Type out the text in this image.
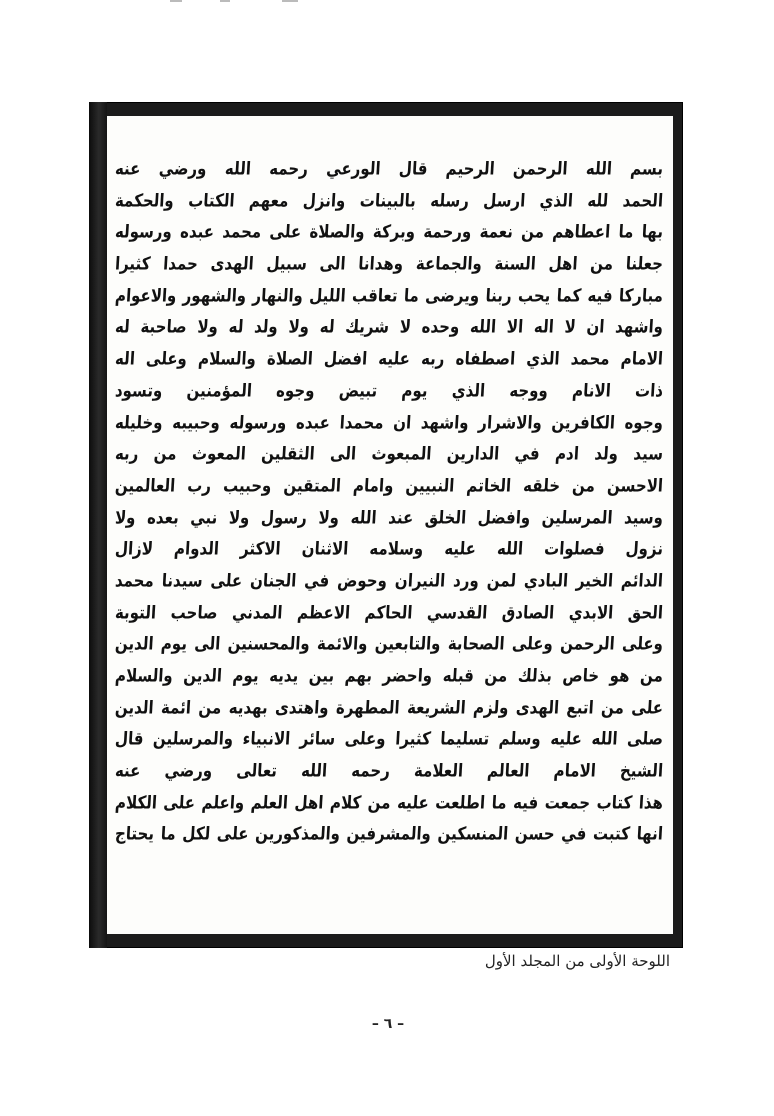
بسم الله الرحمن الرحيم قال الورعي رحمه الله ورضي عنه
الحمد لله الذي ارسل رسله بالبينات وانزل معهم الكتاب والحكمة
بها ما اعطاهم من نعمة ورحمة وبركة والصلاة على محمد عبده ورسوله
جعلنا من اهل السنة والجماعة وهدانا الى سبيل الهدى حمدا كثيرا
مباركا فيه كما يحب ربنا ويرضى ما تعاقب الليل والنهار والشهور والاعوام
واشهد ان لا اله الا الله وحده لا شريك له ولا ولد له ولا صاحبة له
الامام محمد الذي اصطفاه ربه عليه افضل الصلاة والسلام وعلى اله
ذات الانام ووجه الذي يوم تبيض وجوه المؤمنين وتسود
وجوه الكافرين والاشرار واشهد ان محمدا عبده ورسوله وحبيبه وخليله
سيد ولد ادم في الدارين المبعوث الى الثقلين المعوث من ربه
الاحسن من خلقه الخاتم النبيين وامام المتقين وحبيب رب العالمين
وسيد المرسلين وافضل الخلق عند الله ولا رسول ولا نبي بعده ولا
نزول فصلوات الله عليه وسلامه الاثنان الاكثر الدوام لازال
الدائم الخير البادي لمن ورد النيران وحوض في الجنان على سيدنا محمد
الحق الابدي الصادق القدسي الحاكم الاعظم المدني صاحب التوبة
وعلى الرحمن وعلى الصحابة والتابعين والائمة والمحسنين الى يوم الدين
من هو خاص بذلك من قبله واحضر بهم بين يديه يوم الدين والسلام
على من اتبع الهدى ولزم الشريعة المطهرة واهتدى بهديه من ائمة الدين
صلى الله عليه وسلم تسليما كثيرا وعلى سائر الانبياء والمرسلين قال
الشيخ الامام العالم العلامة رحمه الله تعالى ورضي عنه
هذا كتاب جمعت فيه ما اطلعت عليه من كلام اهل العلم واعلم على الكلام
انها كتبت في حسن المنسكين والمشرفين والمذكورين على لكل ما يحتاج
اللوحة الأولى من المجلد الأول
– ٦ –
